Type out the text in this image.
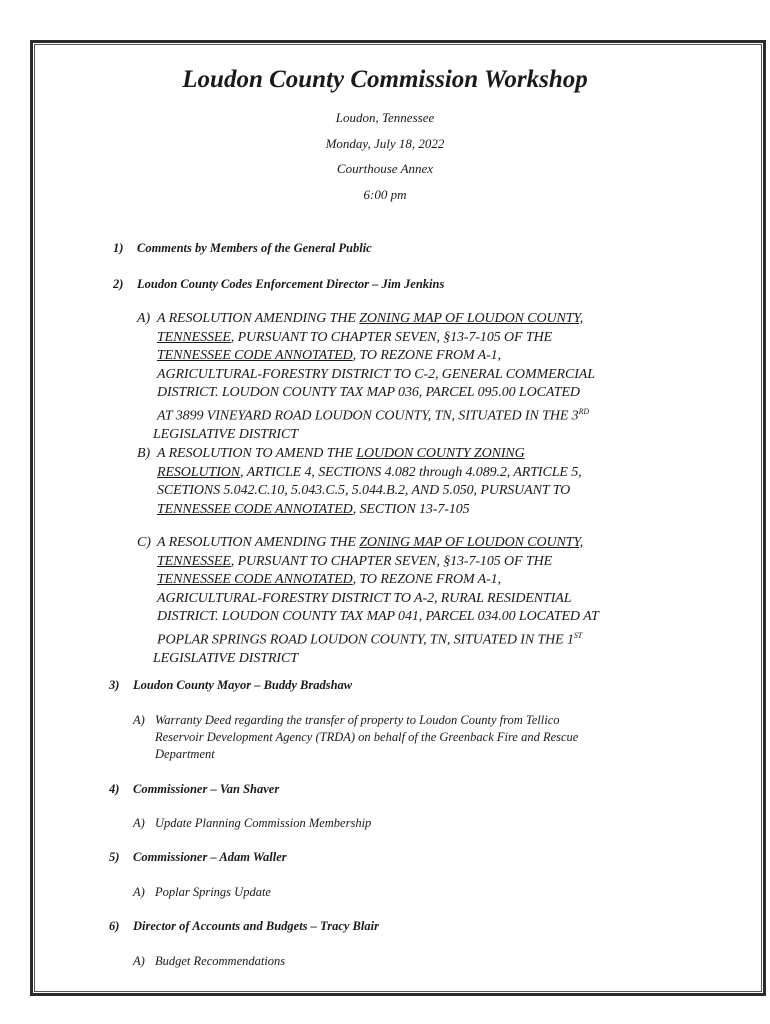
Loudon County Commission Workshop
Loudon, Tennessee
Monday, July 18, 2022
Courthouse Annex
6:00 pm
1) Comments by Members of the General Public
2) Loudon County Codes Enforcement Director – Jim Jenkins
A) A RESOLUTION AMENDING THE ZONING MAP OF LOUDON COUNTY,
TENNESSEE, PURSUANT TO CHAPTER SEVEN, §13-7-105 OF THE
TENNESSEE CODE ANNOTATED, TO REZONE FROM A-1,
AGRICULTURAL-FORESTRY DISTRICT TO C-2, GENERAL COMMERCIAL
DISTRICT. LOUDON COUNTY TAX MAP 036, PARCEL 095.00 LOCATED
AT 3899 VINEYARD ROAD LOUDON COUNTY, TN, SITUATED IN THE 3RD
LEGISLATIVE DISTRICT
B) A RESOLUTION TO AMEND THE LOUDON COUNTY ZONING
RESOLUTION, ARTICLE 4, SECTIONS 4.082 through 4.089.2, ARTICLE 5,
SCETIONS 5.042.C.10, 5.043.C.5, 5.044.B.2, AND 5.050, PURSUANT TO
TENNESSEE CODE ANNOTATED, SECTION 13-7-105
C) A RESOLUTION AMENDING THE ZONING MAP OF LOUDON COUNTY,
TENNESSEE, PURSUANT TO CHAPTER SEVEN, §13-7-105 OF THE
TENNESSEE CODE ANNOTATED, TO REZONE FROM A-1,
AGRICULTURAL-FORESTRY DISTRICT TO A-2, RURAL RESIDENTIAL
DISTRICT. LOUDON COUNTY TAX MAP 041, PARCEL 034.00 LOCATED AT
POPLAR SPRINGS ROAD LOUDON COUNTY, TN, SITUATED IN THE 1ST
LEGISLATIVE DISTRICT
3) Loudon County Mayor – Buddy Bradshaw
A) Warranty Deed regarding the transfer of property to Loudon County from Tellico
Reservoir Development Agency (TRDA) on behalf of the Greenback Fire and Rescue
Department
4) Commissioner – Van Shaver
A) Update Planning Commission Membership
5) Commissioner – Adam Waller
A) Poplar Springs Update
6) Director of Accounts and Budgets – Tracy Blair
A) Budget Recommendations
